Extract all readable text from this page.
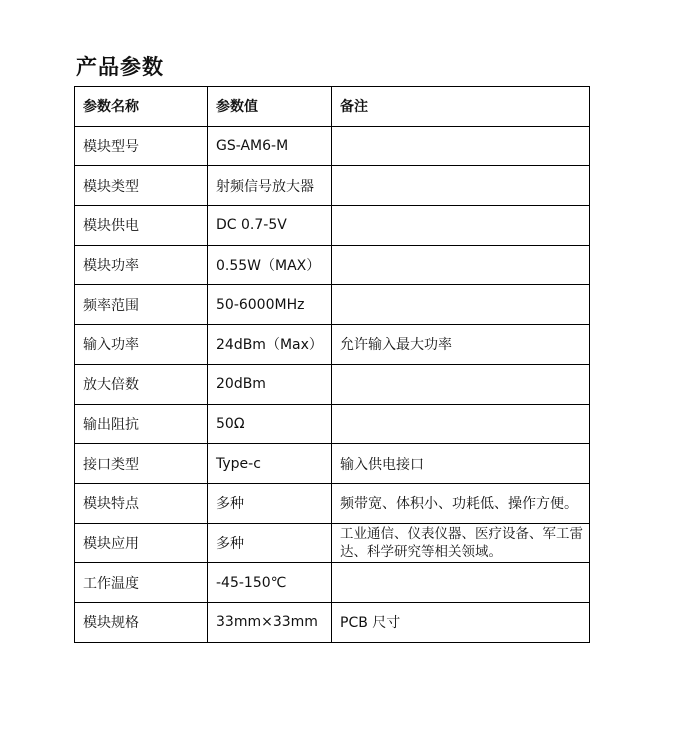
产品参数
参数名称	参数值	备注
模块型号	GS-AM6-M	
模块类型	射频信号放大器	
模块供电	DC 0.7-5V	
模块功率	0.55W（MAX）	
频率范围	50-6000MHz	
输入功率	24dBm（Max）	允许输入最大功率
放大倍数	20dBm	
输出阻抗	50Ω	
接口类型	Type-c	输入供电接口
模块特点	多种	频带宽、体积小、功耗低、操作方便。
模块应用	多种	工业通信、仪表仪器、医疗设备、军工雷达、科学研究等相关领域。
工作温度	-45-150℃	
模块规格	33mm×33mm	PCB 尺寸
